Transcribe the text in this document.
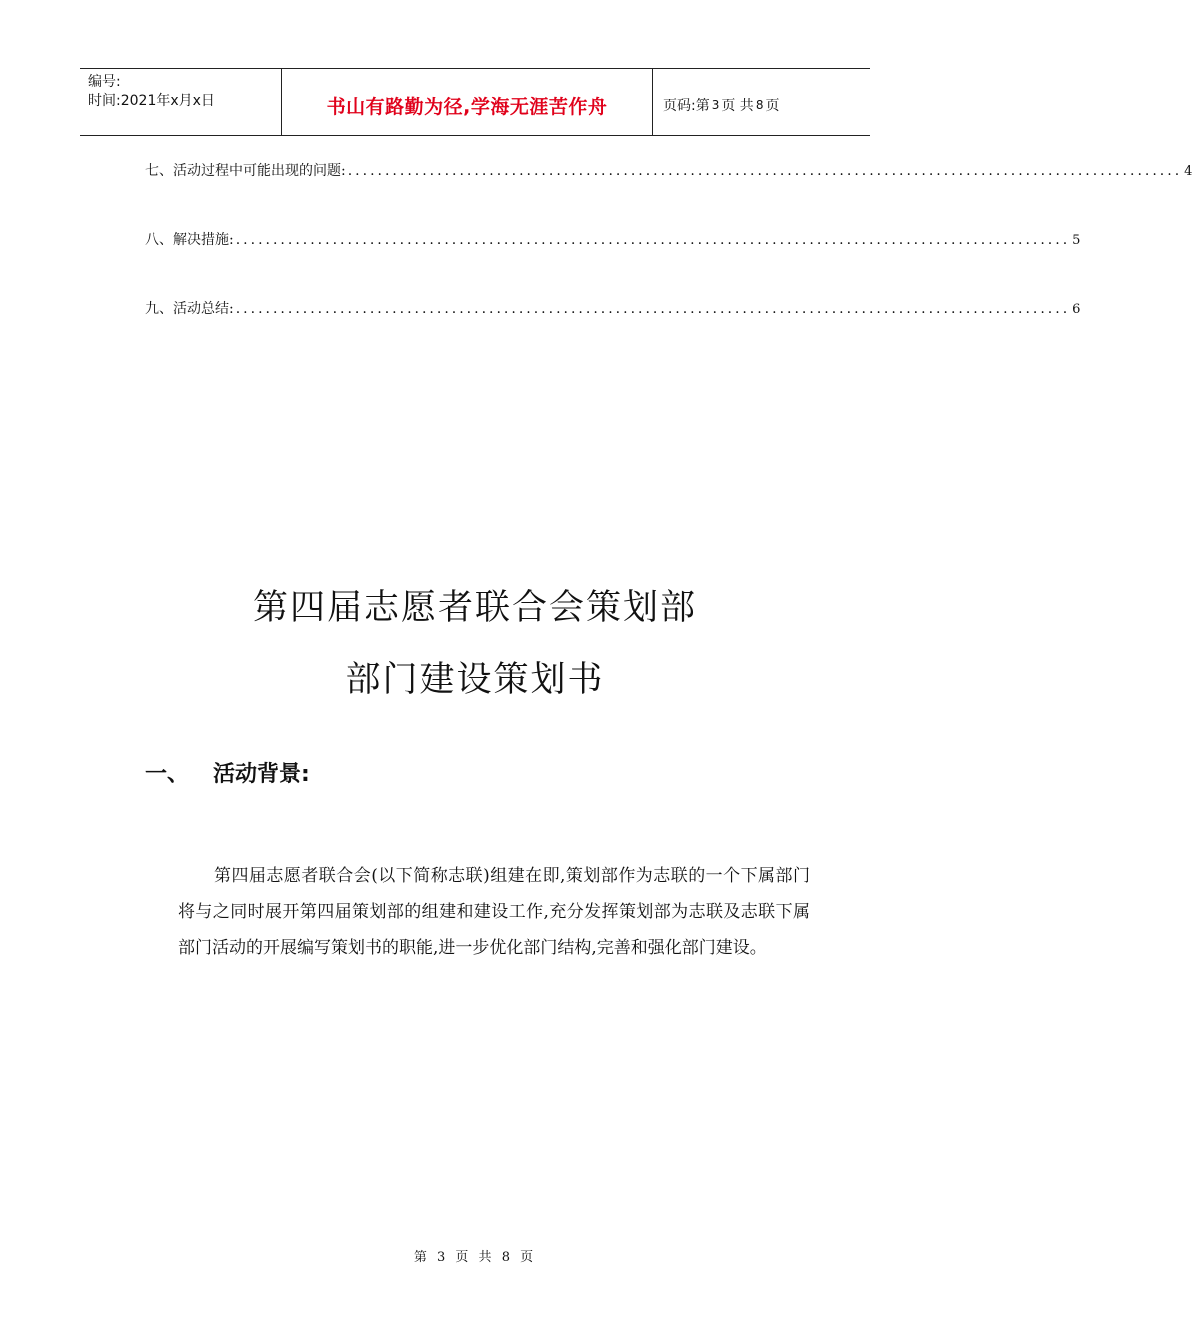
编号:
时间:2021年x月x日	书山有路勤为径,学海无涯苦作舟	页码:第 3 页 共 8 页
七、 活动过程中可能出现的问题: ................................................................................................................ 4
八、 解决措施: ................................................................................................................ 5
九、 活动总结: ................................................................................................................ 6
第四届志愿者联合会策划部
部门建设策划书
一、	活动背景:

第四届志愿者联合会(以下简称志联)组建在即,策划部作为志联的一个下属部门将与之同时展开第四届策划部的组建和建设工作,充分发挥策划部为志联及志联下属部门活动的开展编写策划书的职能,进一步优化部门结构,完善和强化部门建设。

第 3 页 共 8 页
